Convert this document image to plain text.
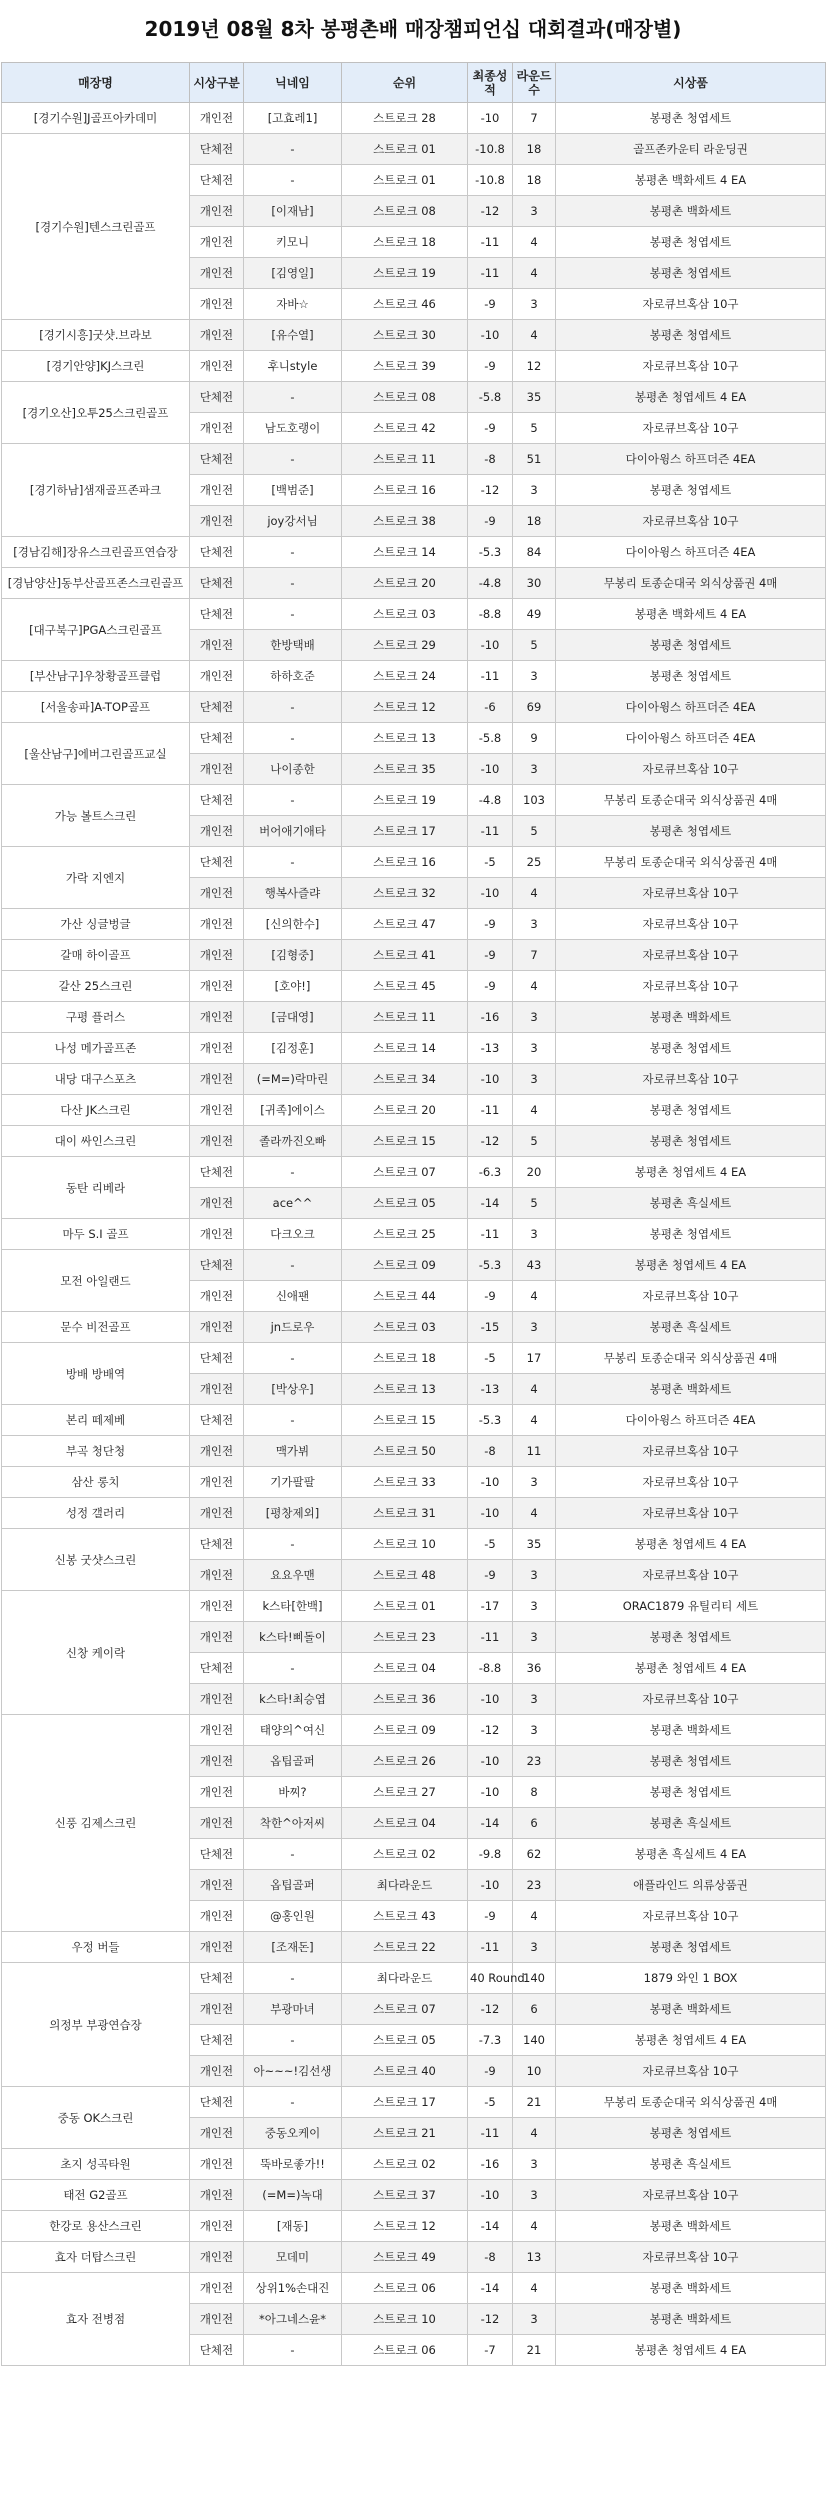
2019년 08월 8차 봉평촌배 매장챔피언십 대회결과(매장별)
매장명	시상구분	닉네임	순위	최종성적	라운드수	시상품
[경기수원]J골프아카데미	개인전	[고효레1]	스트로크 28	-10	7	봉평촌 청엽세트
[경기수원]텐스크린골프	단체전	-	스트로크 01	-10.8	18	골프존카운티 라운딩권
	단체전	-	스트로크 01	-10.8	18	봉평촌 백화세트 4 EA
	개인전	[이재남]	스트로크 08	-12	3	봉평촌 백화세트
	개인전	키모니	스트로크 18	-11	4	봉평촌 청엽세트
	개인전	[김영일]	스트로크 19	-11	4	봉평촌 청엽세트
	개인전	자바☆	스트로크 46	-9	3	자로큐브혹삼 10구
[경기시흥]굿샷.브라보	개인전	[유수열]	스트로크 30	-10	4	봉평촌 청엽세트
[경기안양]KJ스크린	개인전	후니style	스트로크 39	-9	12	자로큐브혹삼 10구
[경기오산]오투25스크린골프	단체전	-	스트로크 08	-5.8	35	봉평촌 청엽세트 4 EA
	개인전	남도호랭이	스트로크 42	-9	5	자로큐브혹삼 10구
[경기하남]샘재골프존파크	단체전	-	스트로크 11	-8	51	다이아윙스 하프더즌 4EA
	개인전	[백범준]	스트로크 16	-12	3	봉평촌 청엽세트
	개인전	joy강서님	스트로크 38	-9	18	자로큐브혹삼 10구
[경남김해]장유스크린골프연습장	단체전	-	스트로크 14	-5.3	84	다이아윙스 하프더즌 4EA
[경남양산]동부산골프존스크린골프	단체전	-	스트로크 20	-4.8	30	무봉리 토종순대국 외식상품권 4매
[대구북구]PGA스크린골프	단체전	-	스트로크 03	-8.8	49	봉평촌 백화세트 4 EA
	개인전	한방택배	스트로크 29	-10	5	봉평촌 청엽세트
[부산남구]우창황골프클럽	개인전	하하호준	스트로크 24	-11	3	봉평촌 청엽세트
[서울송파]A-TOP골프	단체전	-	스트로크 12	-6	69	다이아윙스 하프더즌 4EA
[울산남구]에버그린골프교실	단체전	-	스트로크 13	-5.8	9	다이아윙스 하프더즌 4EA
	개인전	나이종한	스트로크 35	-10	3	자로큐브혹삼 10구
가능 볼트스크린	단체전	-	스트로크 19	-4.8	103	무봉리 토종순대국 외식상품권 4매
	개인전	버어애기애타	스트로크 17	-11	5	봉평촌 청엽세트
가락 지엔지	단체전	-	스트로크 16	-5	25	무봉리 토종순대국 외식상품권 4매
	개인전	행복사즐랴	스트로크 32	-10	4	자로큐브혹삼 10구
가산 싱글벙글	개인전	[신의한수]	스트로크 47	-9	3	자로큐브혹삼 10구
갈매 하이골프	개인전	[김형중]	스트로크 41	-9	7	자로큐브혹삼 10구
갈산 25스크린	개인전	[호야!]	스트로크 45	-9	4	자로큐브혹삼 10구
구평 플러스	개인전	[금대영]	스트로크 11	-16	3	봉평촌 백화세트
나성 메가골프존	개인전	[김정훈]	스트로크 14	-13	3	봉평촌 청엽세트
내당 대구스포츠	개인전	(=M=)락마린	스트로크 34	-10	3	자로큐브혹삼 10구
다산 JK스크린	개인전	[귀족]에이스	스트로크 20	-11	4	봉평촌 청엽세트
대이 싸인스크린	개인전	졸라까진오빠	스트로크 15	-12	5	봉평촌 청엽세트
동탄 리베라	단체전	-	스트로크 07	-6.3	20	봉평촌 청엽세트 4 EA
	개인전	ace^^	스트로크 05	-14	5	봉평촌 흑실세트
마두 S.I 골프	개인전	다크오크	스트로크 25	-11	3	봉평촌 청엽세트
모전 아일랜드	단체전	-	스트로크 09	-5.3	43	봉평촌 청엽세트 4 EA
	개인전	신애팬	스트로크 44	-9	4	자로큐브혹삼 10구
문수 비전골프	개인전	jn드로우	스트로크 03	-15	3	봉평촌 흑실세트
방배 방배역	단체전	-	스트로크 18	-5	17	무봉리 토종순대국 외식상품권 4매
	개인전	[박상우]	스트로크 13	-13	4	봉평촌 백화세트
본리 떼제베	단체전	-	스트로크 15	-5.3	4	다이아윙스 하프더즌 4EA
부곡 청단청	개인전	맥가뷔	스트로크 50	-8	11	자로큐브혹삼 10구
삼산 롱치	개인전	기가팔팔	스트로크 33	-10	3	자로큐브혹삼 10구
성정 갤러리	개인전	[평창제외]	스트로크 31	-10	4	자로큐브혹삼 10구
신봉 굿샷스크린	단체전	-	스트로크 10	-5	35	봉평촌 청엽세트 4 EA
	개인전	요요우맨	스트로크 48	-9	3	자로큐브혹삼 10구
신창 케이락	개인전	k스타[한백]	스트로크 01	-17	3	ORAC1879 유틸리티 세트
	개인전	k스타!삐돌이	스트로크 23	-11	3	봉평촌 청엽세트
	단체전	-	스트로크 04	-8.8	36	봉평촌 청엽세트 4 EA
	개인전	k스타!최승엽	스트로크 36	-10	3	자로큐브혹삼 10구
신풍 김제스크린	개인전	태양의^여신	스트로크 09	-12	3	봉평촌 백화세트
	개인전	옵팁골퍼	스트로크 26	-10	23	봉평촌 청엽세트
	개인전	바찌?	스트로크 27	-10	8	봉평촌 청엽세트
	개인전	착한^아저씨	스트로크 04	-14	6	봉평촌 흑실세트
	단체전	-	스트로크 02	-9.8	62	봉평촌 흑실세트 4 EA
	개인전	옵팁골퍼	최다라운드	-10	23	애플라인드 의류상품권
	개인전	@홍인원	스트로크 43	-9	4	자로큐브혹삼 10구
우정 버들	개인전	[조재돈]	스트로크 22	-11	3	봉평촌 청엽세트
의정부 부광연습장	단체전	-	최다라운드	40 Round	140	1879 와인 1 BOX
	개인전	부광마녀	스트로크 07	-12	6	봉평촌 백화세트
	단체전	-	스트로크 05	-7.3	140	봉평촌 청엽세트 4 EA
	개인전	아~~~!김선생	스트로크 40	-9	10	자로큐브혹삼 10구
중동 OK스크린	단체전	-	스트로크 17	-5	21	무봉리 토종순대국 외식상품권 4매
	개인전	중동오케이	스트로크 21	-11	4	봉평촌 청엽세트
초지 성곡타원	개인전	뚝바로좋가!!	스트로크 02	-16	3	봉평촌 흑실세트
태전 G2골프	개인전	(=M=)녹대	스트로크 37	-10	3	자로큐브혹삼 10구
한강로 용산스크린	개인전	[재동]	스트로크 12	-14	4	봉평촌 백화세트
효자 더탑스크린	개인전	모데미	스트로크 49	-8	13	자로큐브혹삼 10구
효자 전병점	개인전	상위1%손대진	스트로크 06	-14	4	봉평촌 백화세트
	개인전	*아그네스윤*	스트로크 10	-12	3	봉평촌 백화세트
	단체전	-	스트로크 06	-7	21	봉평촌 청엽세트 4 EA
